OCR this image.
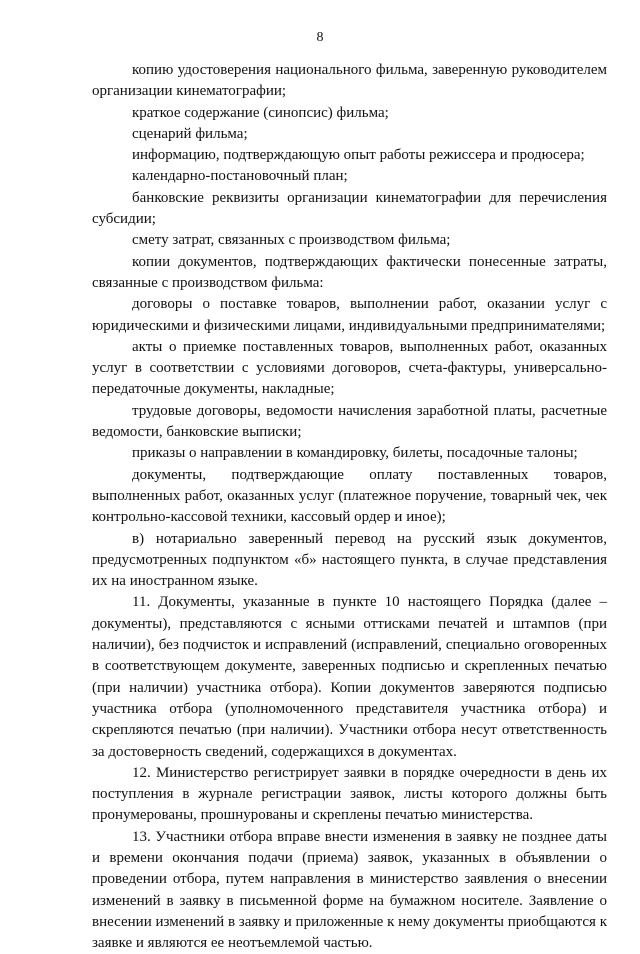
8

копию удостоверения национального фильма, заверенную руководителем организации кинематографии;

краткое содержание (синопсис) фильма;

сценарий фильма;

информацию, подтверждающую опыт работы режиссера и продюсера;

календарно-постановочный план;

банковские реквизиты организации кинематографии для перечисления субсидии;

смету затрат, связанных с производством фильма;

копии документов, подтверждающих фактически понесенные затраты, связанные с производством фильма:

договоры о поставке товаров, выполнении работ, оказании услуг с юридическими и физическими лицами, индивидуальными предпринимателями;

акты о приемке поставленных товаров, выполненных работ, оказанных услуг в соответствии с условиями договоров, счета-фактуры, универсально-передаточные документы, накладные;

трудовые договоры, ведомости начисления заработной платы, расчетные ведомости, банковские выписки;

приказы о направлении в командировку, билеты, посадочные талоны;

документы, подтверждающие оплату поставленных товаров, выполненных работ, оказанных услуг (платежное поручение, товарный чек, чек контрольно-кассовой техники, кассовый ордер и иное);

в) нотариально заверенный перевод на русский язык документов, предусмотренных подпунктом «б» настоящего пункта, в случае представления их на иностранном языке.

11. Документы, указанные в пункте 10 настоящего Порядка (далее – документы), представляются с ясными оттисками печатей и штампов (при наличии), без подчисток и исправлений (исправлений, специально оговоренных в соответствующем документе, заверенных подписью и скрепленных печатью (при наличии) участника отбора). Копии документов заверяются подписью участника отбора (уполномоченного представителя участника отбора) и скрепляются печатью (при наличии). Участники отбора несут ответственность за достоверность сведений, содержащихся в документах.

12. Министерство регистрирует заявки в порядке очередности в день их поступления в журнале регистрации заявок, листы которого должны быть пронумерованы, прошнурованы и скреплены печатью министерства.

13. Участники отбора вправе внести изменения в заявку не позднее даты и времени окончания подачи (приема) заявок, указанных в объявлении о проведении отбора, путем направления в министерство заявления о внесении изменений в заявку в письменной форме на бумажном носителе. Заявление о внесении изменений в заявку и приложенные к нему документы приобщаются к заявке и являются ее неотъемлемой частью.
